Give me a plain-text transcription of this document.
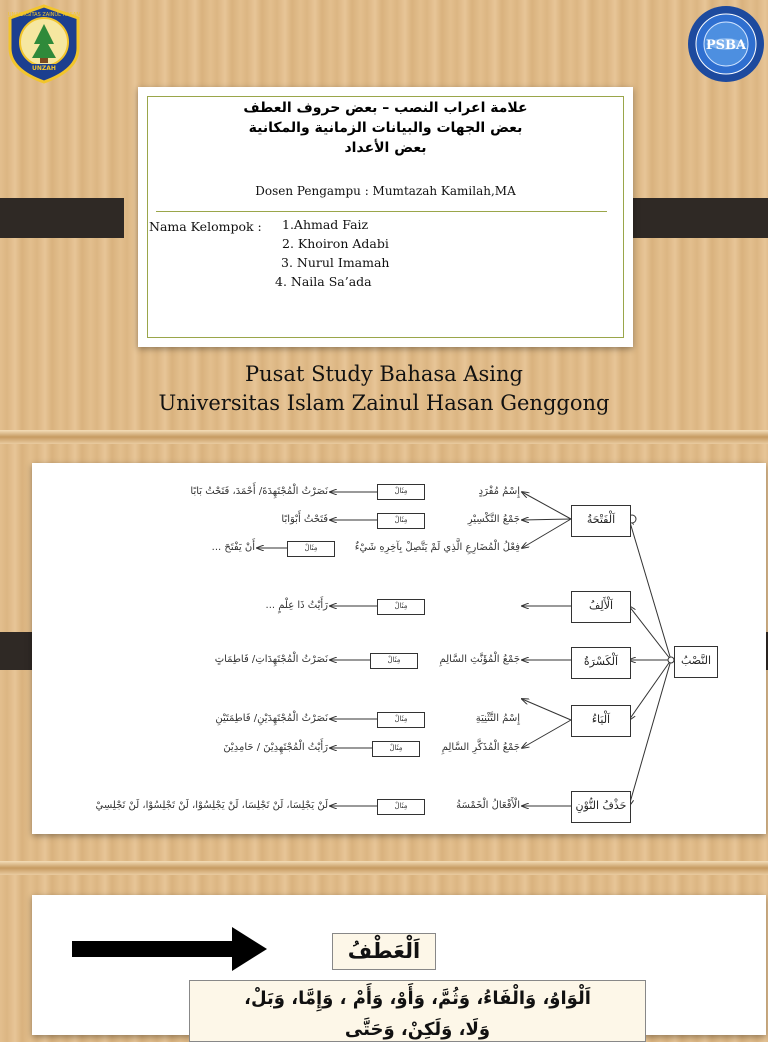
UNIVERSITAS ZAINUL HASAN
UNZAH
PSBA
علامة اعراب النصب – بعض حروف العطف
بعض الجهات والبيانات الزمانية والمكانية
بعض الأعداد
Dosen Pengampu : Mumtazah Kamilah,MA
Nama Kelompok : 1.Ahmad Faiz
2. Khoiron Adabi
3. Nurul Imamah
4. Naila Sa’ada
Pusat Study Bahasa Asing
Universitas Islam Zainul Hasan Genggong
النَّصْبُ
اَلْفَتْحَةُ
اَلْأَلِفُ
اَلْكَسْرَةُ
اَلْيَاءُ
حَذْفُ النُّوْنِ
إِسْمُ مُفْرَدٍ
جَمْعُ التَّكْسِيْرِ
فِعْلُ الْمُضَارِعِ الَّذِي لَمْ يَتَّصِلْ بِآخِرِهِ شَيْءٌ
جَمْعُ الْمُؤَنَّثِ السَّالِمِ
إِسْمُ التَّثْنِيَةِ
جَمْعُ الْمُذَكَّرِ السَّالِمِ
الْأَفْعَالُ الْخَمْسَةُ
مِثَالٌ
مِثَالٌ
مِثَالٌ
مِثَالٌ
مِثَالٌ
مِثَالٌ
مِثَالٌ
مِثَالٌ
نَصَرْتُ الْمُجْتَهِدَةَ/ أَحْمَدَ، فَتَحْتُ بَابًا
فَتَحْتُ أَبْوَابًا
أَنْ يَفْتَحَ ...
رَأَيْتُ ذَا عِلْمٍ ...
نَصَرْتُ الْمُجْتَهِدَاتِ/ فَاطِمَاتٍ
نَصَرْتُ الْمُجْتَهِدَيْنِ/ فَاطِمَتَيْنِ
رَأَيْتُ الْمُجْتَهِدِيْنَ / حَامِدِيْنَ
لَنْ يَجْلِسَا، لَنْ تَجْلِسَا، لَنْ يَجْلِسُوْا، لَنْ تَجْلِسُوْا، لَنْ تَجْلِسِيْ
اَلْعَطْفُ
اَلْوَاوُ، وَالْفَاءُ، وَثُمَّ، وَأَوْ، وَأَمْ ، وَإِمَّا، وَبَلْ،
وَلَا، وَلَكِنْ، وَحَتَّى
